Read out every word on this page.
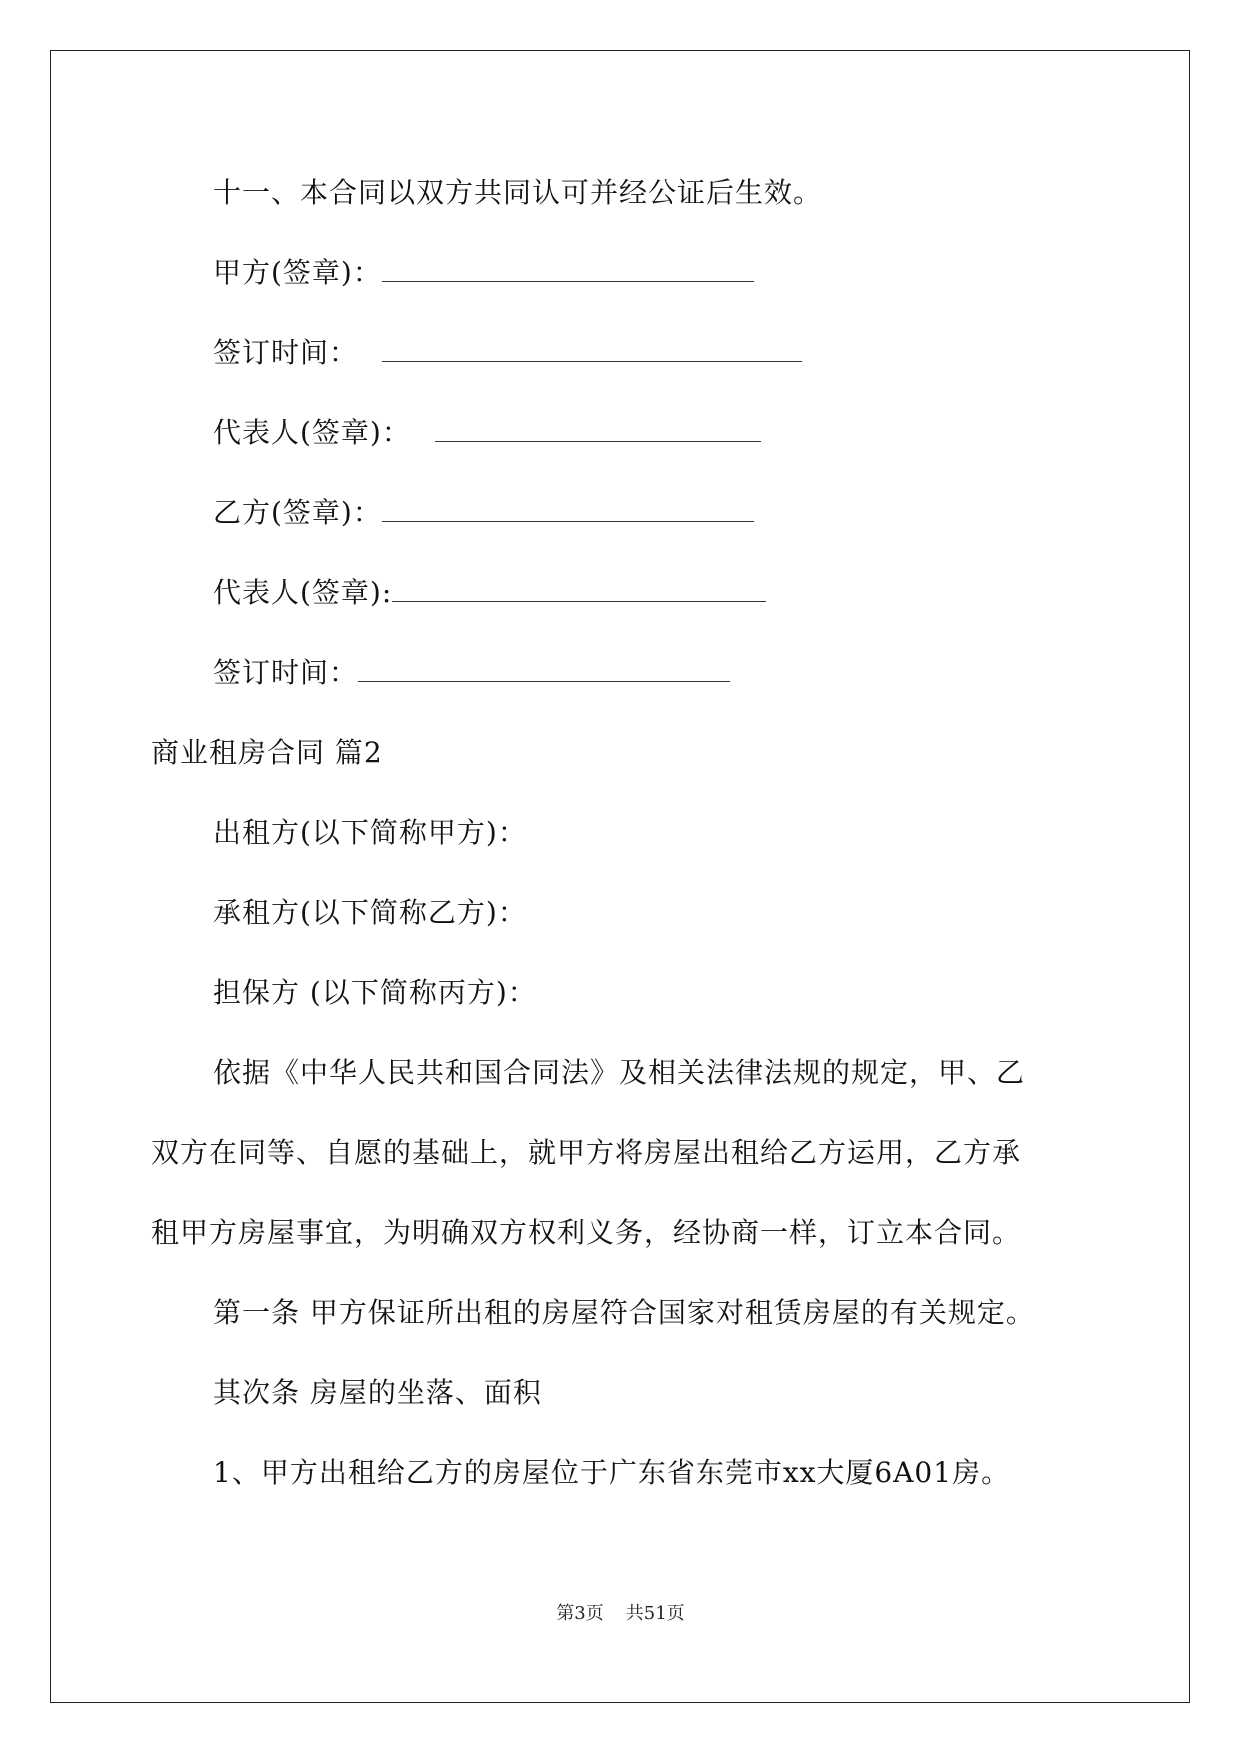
十一、本合同以双方共同认可并经公证后生效。
甲方(签章)：
签订时间：
代表人(签章)：
乙方(签章)：
代表人(签章):
签订时间：
商业租房合同 篇2
出租方(以下简称甲方)：
承租方(以下简称乙方)：
担保方 (以下简称丙方)：
依据《中华人民共和国合同法》及相关法律法规的规定，甲、乙
双方在同等、自愿的基础上，就甲方将房屋出租给乙方运用，乙方承
租甲方房屋事宜，为明确双方权利义务，经协商一样，订立本合同。
第一条 甲方保证所出租的房屋符合国家对租赁房屋的有关规定。
其次条 房屋的坐落、面积
1、甲方出租给乙方的房屋位于广东省东莞市xx大厦6A01房。
第3页 共51页
